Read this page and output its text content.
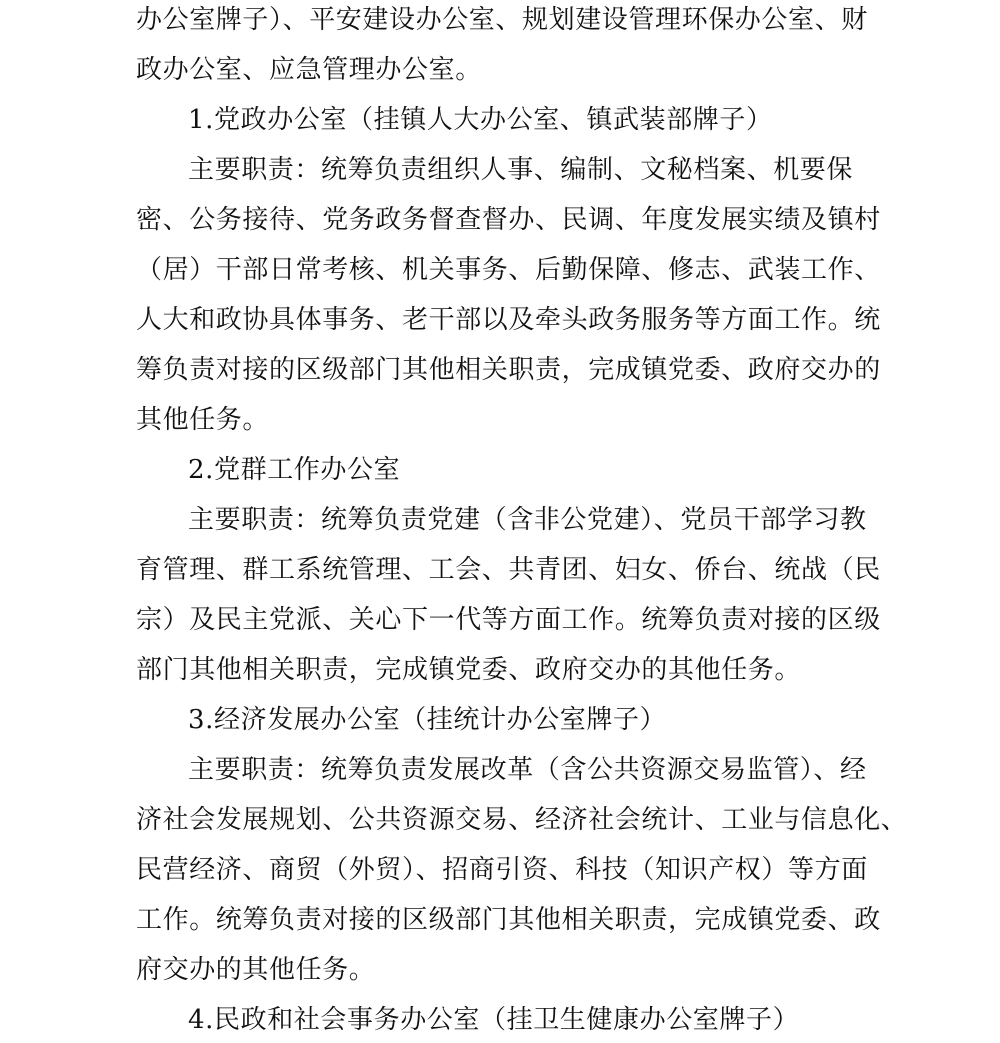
办公室牌子）、平安建设办公室、规划建设管理环保办公室、财
政办公室、应急管理办公室。
1.党政办公室（挂镇人大办公室、镇武装部牌子）
主要职责：统筹负责组织人事、编制、文秘档案、机要保
密、公务接待、党务政务督查督办、民调、年度发展实绩及镇村
（居）干部日常考核、机关事务、后勤保障、修志、武装工作、
人大和政协具体事务、老干部以及牵头政务服务等方面工作。统
筹负责对接的区级部门其他相关职责，完成镇党委、政府交办的
其他任务。
2.党群工作办公室
主要职责：统筹负责党建（含非公党建）、党员干部学习教
育管理、群工系统管理、工会、共青团、妇女、侨台、统战（民
宗）及民主党派、关心下一代等方面工作。统筹负责对接的区级
部门其他相关职责，完成镇党委、政府交办的其他任务。
3.经济发展办公室（挂统计办公室牌子）
主要职责：统筹负责发展改革（含公共资源交易监管）、经
济社会发展规划、公共资源交易、经济社会统计、工业与信息化、
民营经济、商贸（外贸）、招商引资、科技（知识产权）等方面
工作。统筹负责对接的区级部门其他相关职责，完成镇党委、政
府交办的其他任务。
4.民政和社会事务办公室（挂卫生健康办公室牌子）
